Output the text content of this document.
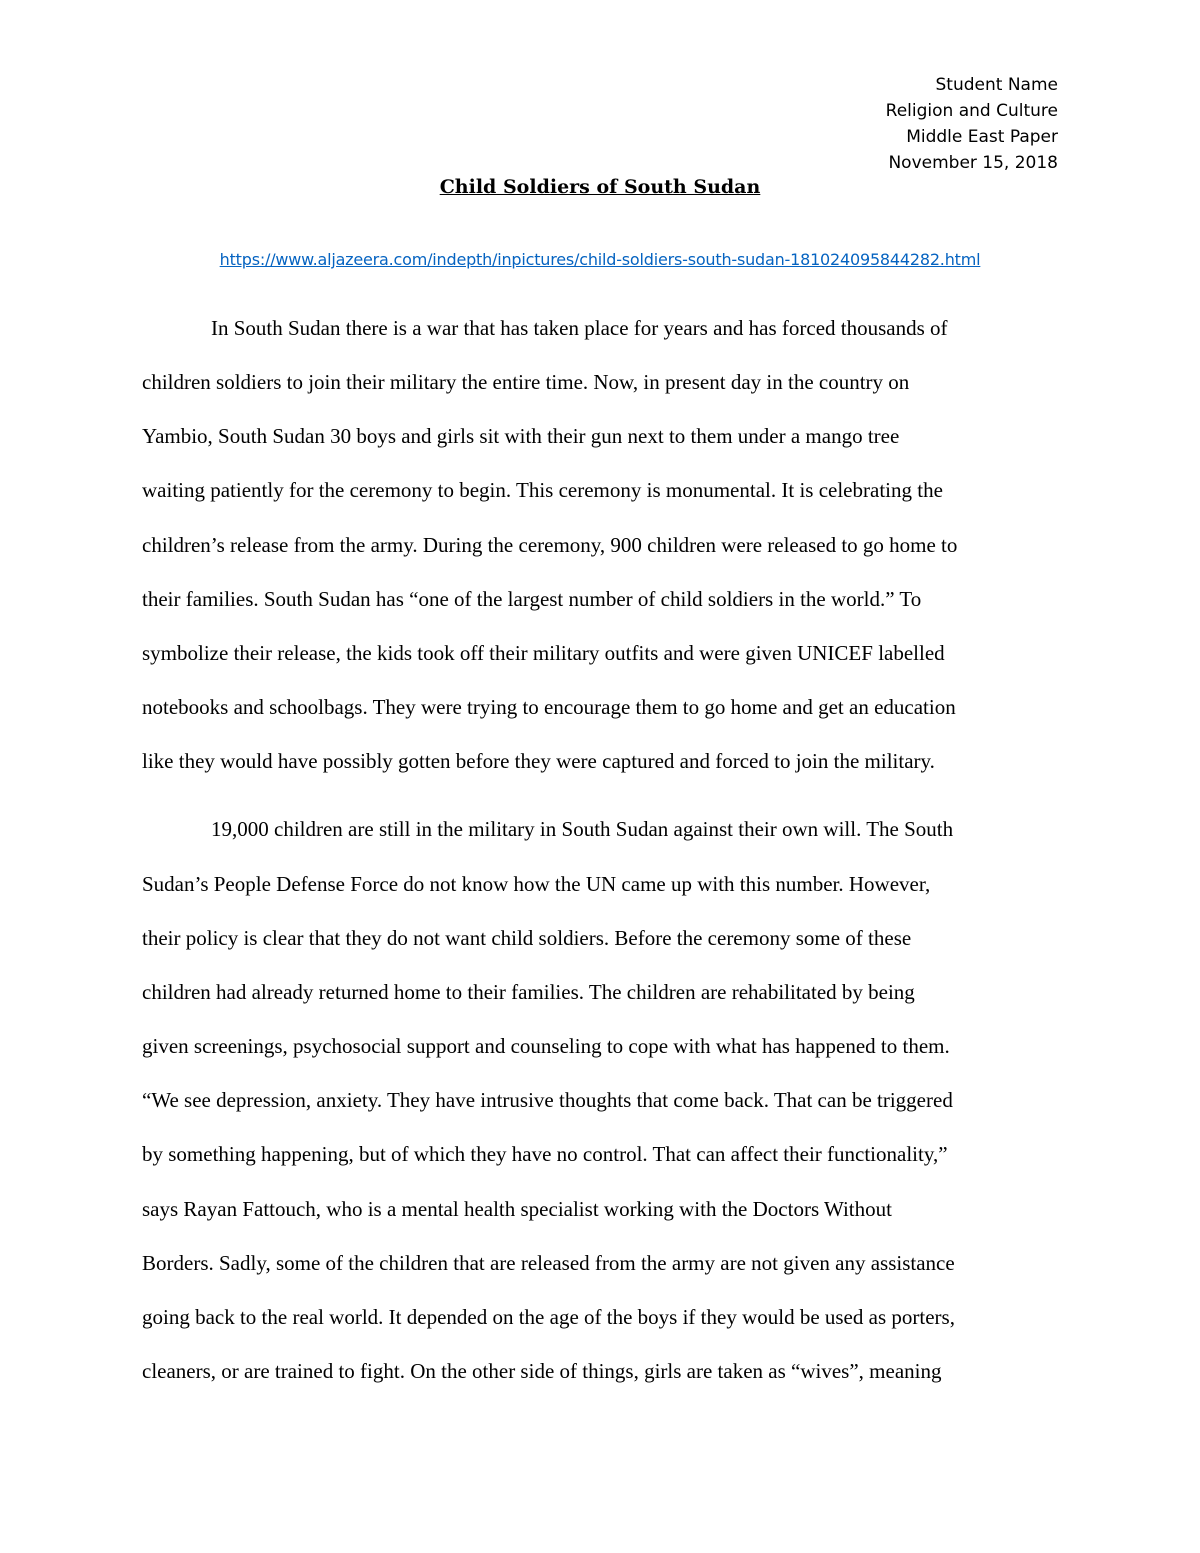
Student Name
Religion and Culture
Middle East Paper
November 15, 2018
Child Soldiers of South Sudan
https://www.aljazeera.com/indepth/inpictures/child-soldiers-south-sudan-181024095844282.html
In South Sudan there is a war that has taken place for years and has forced thousands of
children soldiers to join their military the entire time. Now, in present day in the country on
Yambio, South Sudan 30 boys and girls sit with their gun next to them under a mango tree
waiting patiently for the ceremony to begin. This ceremony is monumental. It is celebrating the
children’s release from the army. During the ceremony, 900 children were released to go home to
their families. South Sudan has “one of the largest number of child soldiers in the world.” To
symbolize their release, the kids took off their military outfits and were given UNICEF labelled
notebooks and schoolbags. They were trying to encourage them to go home and get an education
like they would have possibly gotten before they were captured and forced to join the military.
19,000 children are still in the military in South Sudan against their own will. The South
Sudan’s People Defense Force do not know how the UN came up with this number. However,
their policy is clear that they do not want child soldiers. Before the ceremony some of these
children had already returned home to their families. The children are rehabilitated by being
given screenings, psychosocial support and counseling to cope with what has happened to them.
“We see depression, anxiety. They have intrusive thoughts that come back. That can be triggered
by something happening, but of which they have no control. That can affect their functionality,”
says Rayan Fattouch, who is a mental health specialist working with the Doctors Without
Borders. Sadly, some of the children that are released from the army are not given any assistance
going back to the real world. It depended on the age of the boys if they would be used as porters,
cleaners, or are trained to fight. On the other side of things, girls are taken as “wives”, meaning
